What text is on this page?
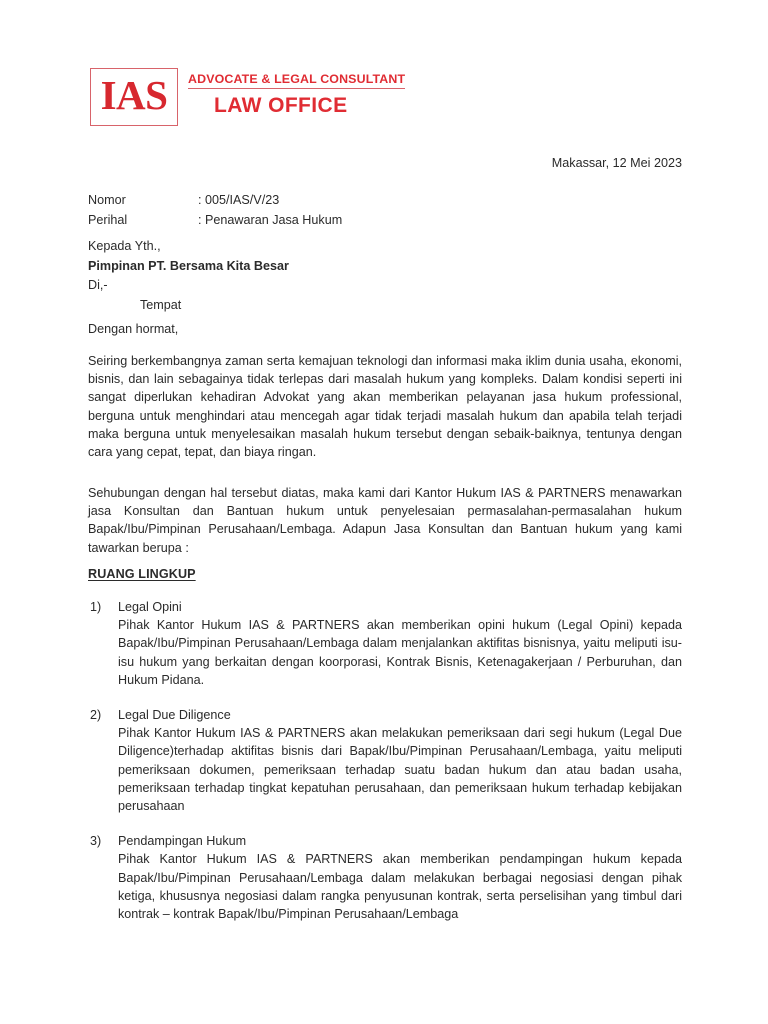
IAS ADVOCATE & LEGAL CONSULTANT
LAW OFFICE
Makassar, 12 Mei 2023
Nomor	: 005/IAS/V/23
Perihal	: Penawaran Jasa Hukum
Kepada Yth.,
Pimpinan PT. Bersama Kita Besar
Di,-
Tempat
Dengan hormat,
Seiring berkembangnya zaman serta kemajuan teknologi dan informasi maka iklim dunia usaha, ekonomi, bisnis, dan lain sebagainya tidak terlepas dari masalah hukum yang kompleks. Dalam kondisi seperti ini sangat diperlukan kehadiran Advokat yang akan memberikan pelayanan jasa hukum professional, berguna untuk menghindari atau mencegah agar tidak terjadi masalah hukum dan apabila telah terjadi maka berguna untuk menyelesaikan masalah hukum tersebut dengan sebaik-baiknya, tentunya dengan cara yang cepat, tepat, dan biaya ringan.
Sehubungan dengan hal tersebut diatas, maka kami dari Kantor Hukum IAS & PARTNERS menawarkan jasa Konsultan dan Bantuan hukum untuk penyelesaian permasalahan-permasalahan hukum Bapak/Ibu/Pimpinan Perusahaan/Lembaga. Adapun Jasa Konsultan dan Bantuan hukum yang kami tawarkan berupa :
RUANG LINGKUP
1)	Legal Opini
Pihak Kantor Hukum IAS & PARTNERS akan memberikan opini hukum (Legal Opini) kepada Bapak/Ibu/Pimpinan Perusahaan/Lembaga dalam menjalankan aktifitas bisnisnya, yaitu meliputi isu-isu hukum yang berkaitan dengan koorporasi, Kontrak Bisnis, Ketenagakerjaan / Perburuhan, dan Hukum Pidana.
2)	Legal Due Diligence
Pihak Kantor Hukum IAS & PARTNERS akan melakukan pemeriksaan dari segi hukum (Legal Due Diligence)terhadap aktifitas bisnis dari Bapak/Ibu/Pimpinan Perusahaan/Lembaga, yaitu meliputi pemeriksaan dokumen, pemeriksaan terhadap suatu badan hukum dan atau badan usaha, pemeriksaan terhadap tingkat kepatuhan perusahaan, dan pemeriksaan hukum terhadap kebijakan perusahaan
3)	Pendampingan Hukum
Pihak Kantor Hukum IAS & PARTNERS akan memberikan pendampingan hukum kepada Bapak/Ibu/Pimpinan Perusahaan/Lembaga dalam melakukan berbagai negosiasi dengan pihak ketiga, khususnya negosiasi dalam rangka penyusunan kontrak, serta perselisihan yang timbul dari kontrak – kontrak Bapak/Ibu/Pimpinan Perusahaan/Lembaga
